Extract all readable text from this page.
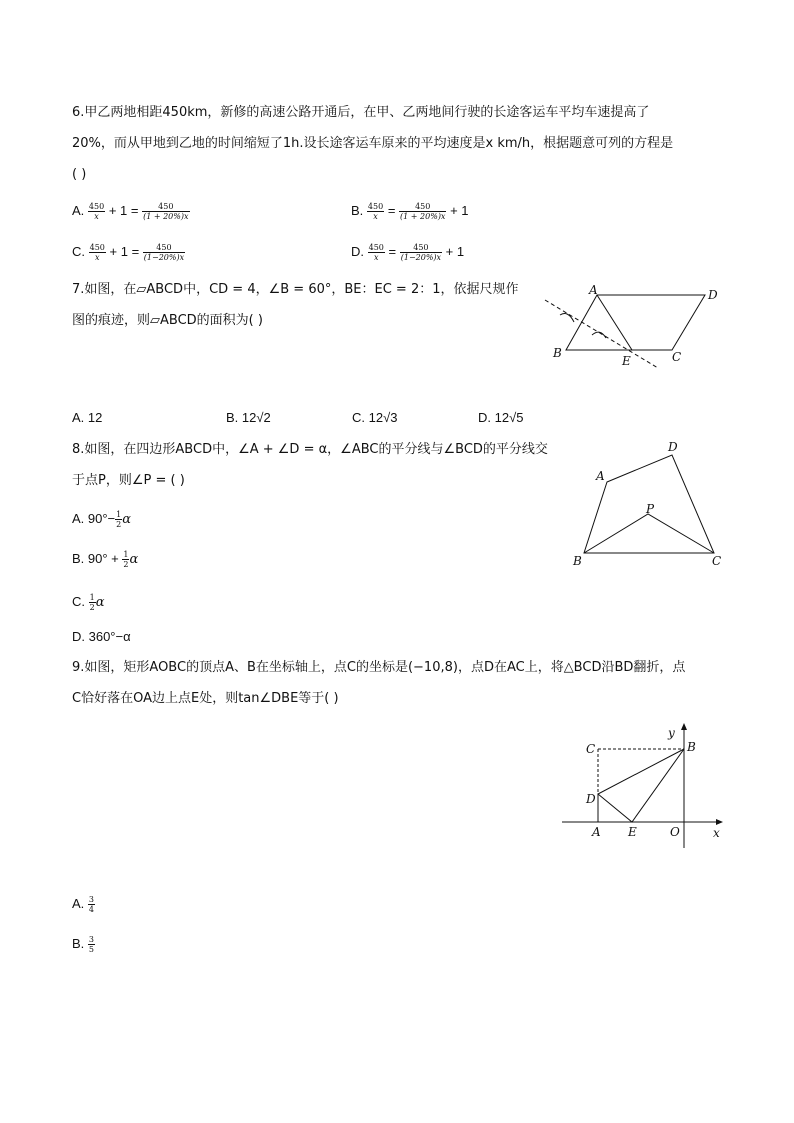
6.甲乙两地相距450km，新修的高速公路开通后，在甲、乙两地间行驶的长途客运车平均车速提高了
20%，而从甲地到乙地的时间缩短了1h.设长途客运车原来的平均速度是x km/h，根据题意可列的方程是
( )
A. $\frac{450}{x} + 1 = \frac{450}{(1 + 20\%)x}$	B. $\frac{450}{x} = \frac{450}{(1 + 20\%)x} + 1$
C. $\frac{450}{x} + 1 = \frac{450}{(1-20\%)x}$	D. $\frac{450}{x} = \frac{450}{(1-20\%)x} + 1$
7.如图，在▱ABCD中，CD = 4，∠B = 60°，BE：EC = 2：1，依据尺规作
图的痕迹，则▱ABCD的面积为( )
A	D
B	C
E
A. 12	B. 12√2	C. 12√3	D. 12√5
8.如图，在四边形ABCD中，∠A + ∠D = α，∠ABC的平分线与∠BCD的平分线交
于点P，则∠P = ( )
A. $90^\circ- \frac{1}{2}$ α
B. $90^\circ + \frac{1}{2}$ α
C. $\frac{1}{2}$ α
D. 360°−α
A
D
B	C
P
9.如图，矩形AOBC的顶点A、B在坐标轴上，点C的坐标是(−10,8)，点D在AC上，将△BCD沿BD翻折，点
C恰好落在OA边上点E处，则tan∠DBE等于( )
y
x
C	B
D
A E	O
A. $\frac{3}{4}$
B. $\frac{3}{5}$
